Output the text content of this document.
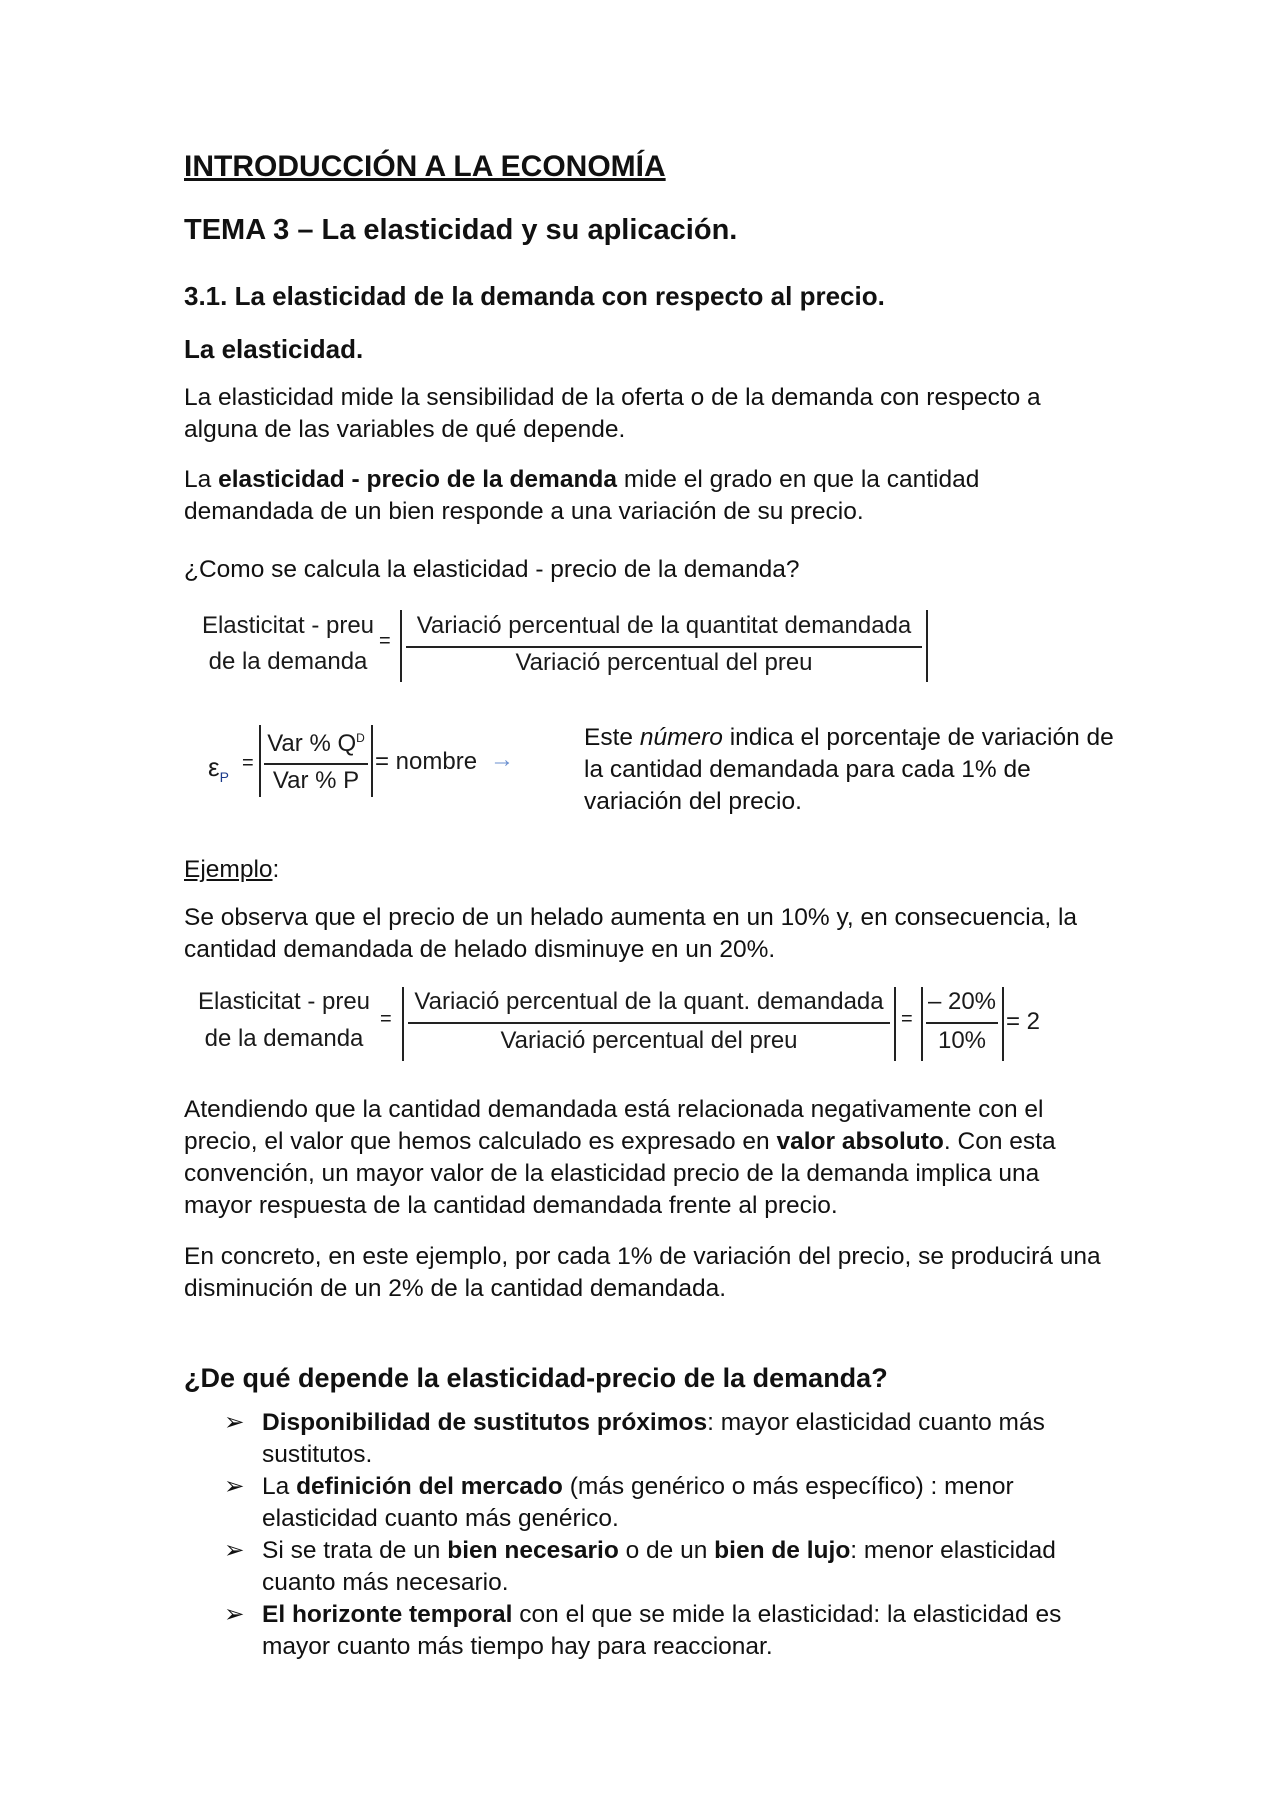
INTRODUCCIÓN A LA ECONOMÍA
TEMA 3 – La elasticidad y su aplicación.
3.1. La elasticidad de la demanda con respecto al precio.
La elasticidad.
La elasticidad mide la sensibilidad de la oferta o de la demanda con respecto a alguna de las variables de qué depende.
La elasticidad - precio de la demanda mide el grado en que la cantidad demandada de un bien responde a una variación de su precio.
¿Como se calcula la elasticidad - precio de la demanda?
Elasticitat - preu
de la demanda
=
Variació percentual de la quantitat demandada
Variació percentual del preu
$\varepsilon_P$
=
Var % $Q^D$
Var % P
= nombre →
Este número indica el porcentaje de variación de la cantidad demandada para cada 1% de variación del precio.
Ejemplo:
Se observa que el precio de un helado aumenta en un 10% y, en consecuencia, la cantidad demandada de helado disminuye en un 20%.
Elasticitat - preu
de la demanda
=
Variació percentual de la quant. demandada
Variació percentual del preu
=
– 20%
10%
= 2
Atendiendo que la cantidad demandada está relacionada negativamente con el precio, el valor que hemos calculado es expresado en valor absoluto. Con esta convención, un mayor valor de la elasticidad precio de la demanda implica una mayor respuesta de la cantidad demandada frente al precio.
En concreto, en este ejemplo, por cada 1% de variación del precio, se producirá una disminución de un 2% de la cantidad demandada.
¿De qué depende la elasticidad-precio de la demanda?
➢ Disponibilidad de sustitutos próximos: mayor elasticidad cuanto más sustitutos.
➢ La definición del mercado (más genérico o más específico) : menor elasticidad cuanto más genérico.
➢ Si se trata de un bien necesario o de un bien de lujo: menor elasticidad cuanto más necesario.
➢ El horizonte temporal con el que se mide la elasticidad: la elasticidad es mayor cuanto más tiempo hay para reaccionar.
